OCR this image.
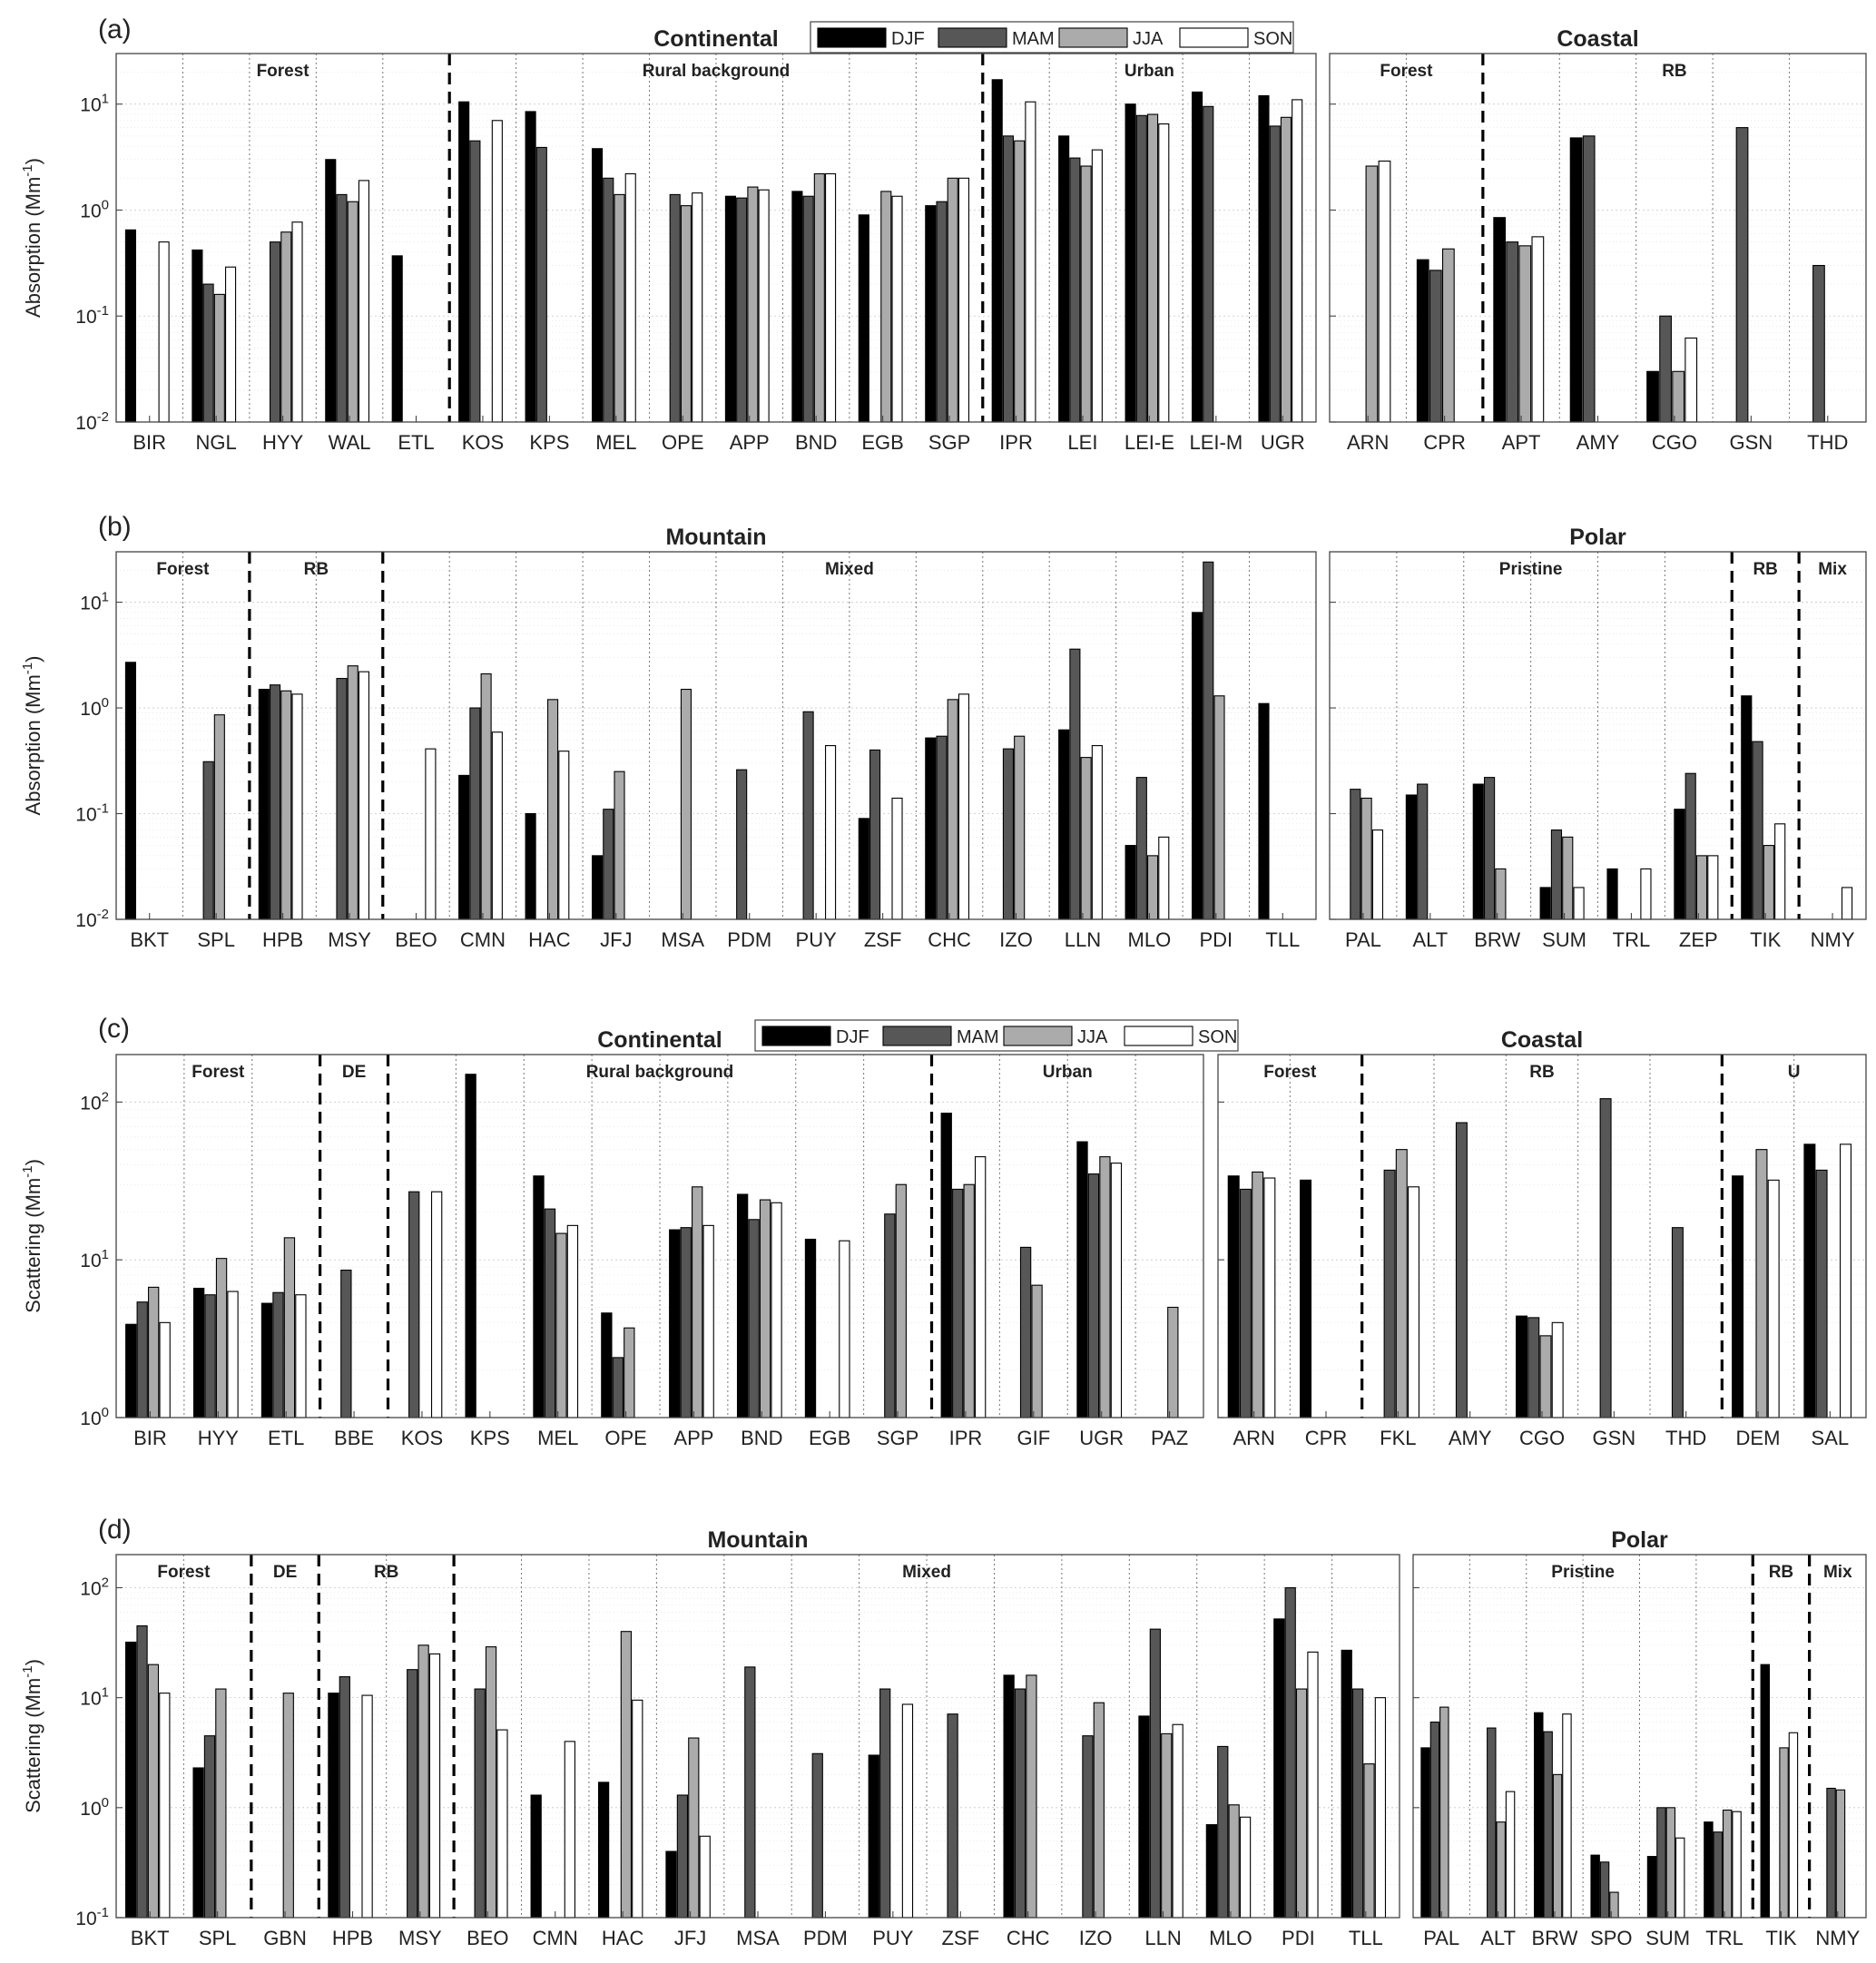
(a)
Absorption $(Mm^{-1})$
Forest	Rural background	Urban
BIR NGL HYY WAL ETL KOS KPS MEL OPE APP BND EGB SGP IPR LEI LEI-E LEI-M UGR
$10^{-2}$
$10^{-1}$
$10^0$
$10^1$
Continental
Forest	RB
ARN CPR APT AMY CGO GSN THD
Coastal
DJF	MAM	JJA	SON
(b)
Absorption $(Mm^{-1})$
Forest	RB	Mixed
BKT SPL HPB MSY BEO CMN HAC JFJ MSA PDM PUY ZSF CHC IZO LLN MLO PDI TLL
$10^{-2}$
$10^{-1}$
$10^0$
$10^1$
Mountain
Pristine	RB Mix
PAL ALT BRW SUM TRL ZEP TIK NMY
Polar
(c)
Scattering $(Mm^{-1})$
Forest	DE	Rural background	Urban
BIR HYY ETL BBE KOS KPS MEL OPE APP BND EGB SGP IPR GIF UGR PAZ
$10^0$
$10^1$
$10^2$
Continental
Forest	RB	U
ARN CPR FKL AMY CGO GSN THD DEM SAL
Coastal
DJF	MAM	JJA	SON
(d)
Scattering $(Mm^{-1})$
Forest	DE	RB	Mixed
BKT SPL GBN HPB MSY BEO CMN HAC JFJ MSA PDM PUY ZSF CHC IZO LLN MLO PDI TLL
$10^{-1}$
$10^0$
$10^1$
$10^2$
Mountain
Pristine	RB Mix
PAL ALT BRW SPO SUM TRL TIK NMY
Polar
